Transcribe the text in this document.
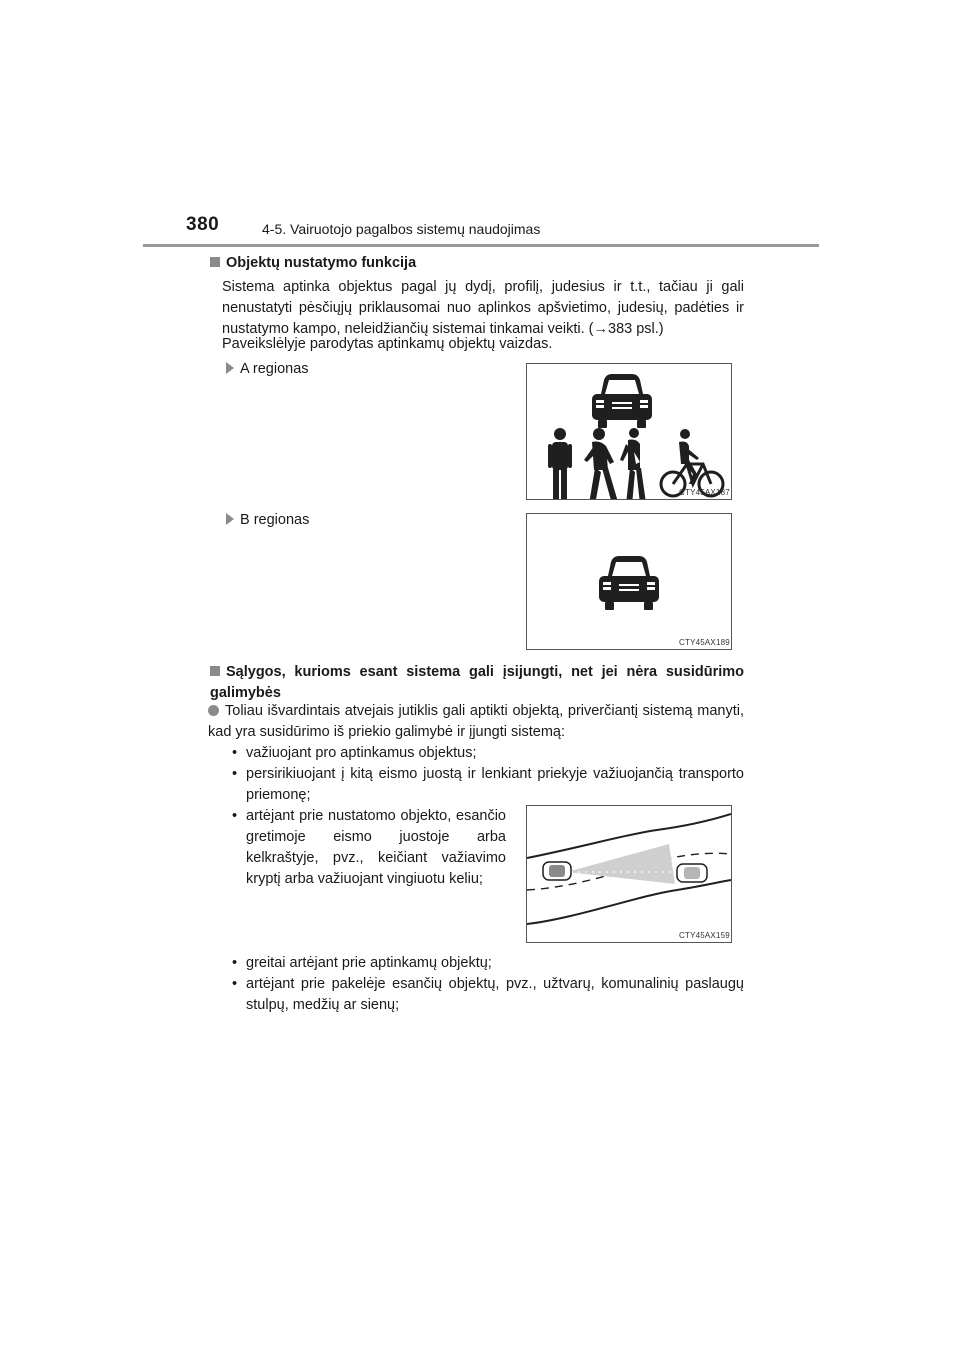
380	4-5. Vairuotojo pagalbos sistemų naudojimas
Objektų nustatymo funkcija
Sistema aptinka objektus pagal jų dydį, profilį, judesius ir t.t., tačiau ji gali nenustatyti pėsčiųjų priklausomai nuo aplinkos apšvietimo, judesių, padėties ir nustatymo kampo, neleidžiančių sistemai tinkamai veikti. (→383 psl.)
Paveikslėlyje parodytas aptinkamų objektų vaizdas.
A regionas
CTY45AX187
B regionas
CTY45AX189
Sąlygos, kurioms esant sistema gali įsijungti, net jei nėra susidūrimo galimybės
Toliau išvardintais atvejais jutiklis gali aptikti objektą, priverčiantį sistemą manyti, kad yra susidūrimo iš priekio galimybė ir įjungti sistemą:
• važiuojant pro aptinkamus objektus;
• persirikiuojant į kitą eismo juostą ir lenkiant priekyje važiuojančią transporto priemonę;
• artėjant prie nustatomo objekto, esančio gretimoje eismo juostoje arba kelkraštyje, pvz., keičiant važiavimo kryptį arba važiuojant vingiuotu keliu;
CTY45AX159
• greitai artėjant prie aptinkamų objektų;
• artėjant prie pakelėje esančių objektų, pvz., užtvarų, komunalinių paslaugų stulpų, medžių ar sienų;
